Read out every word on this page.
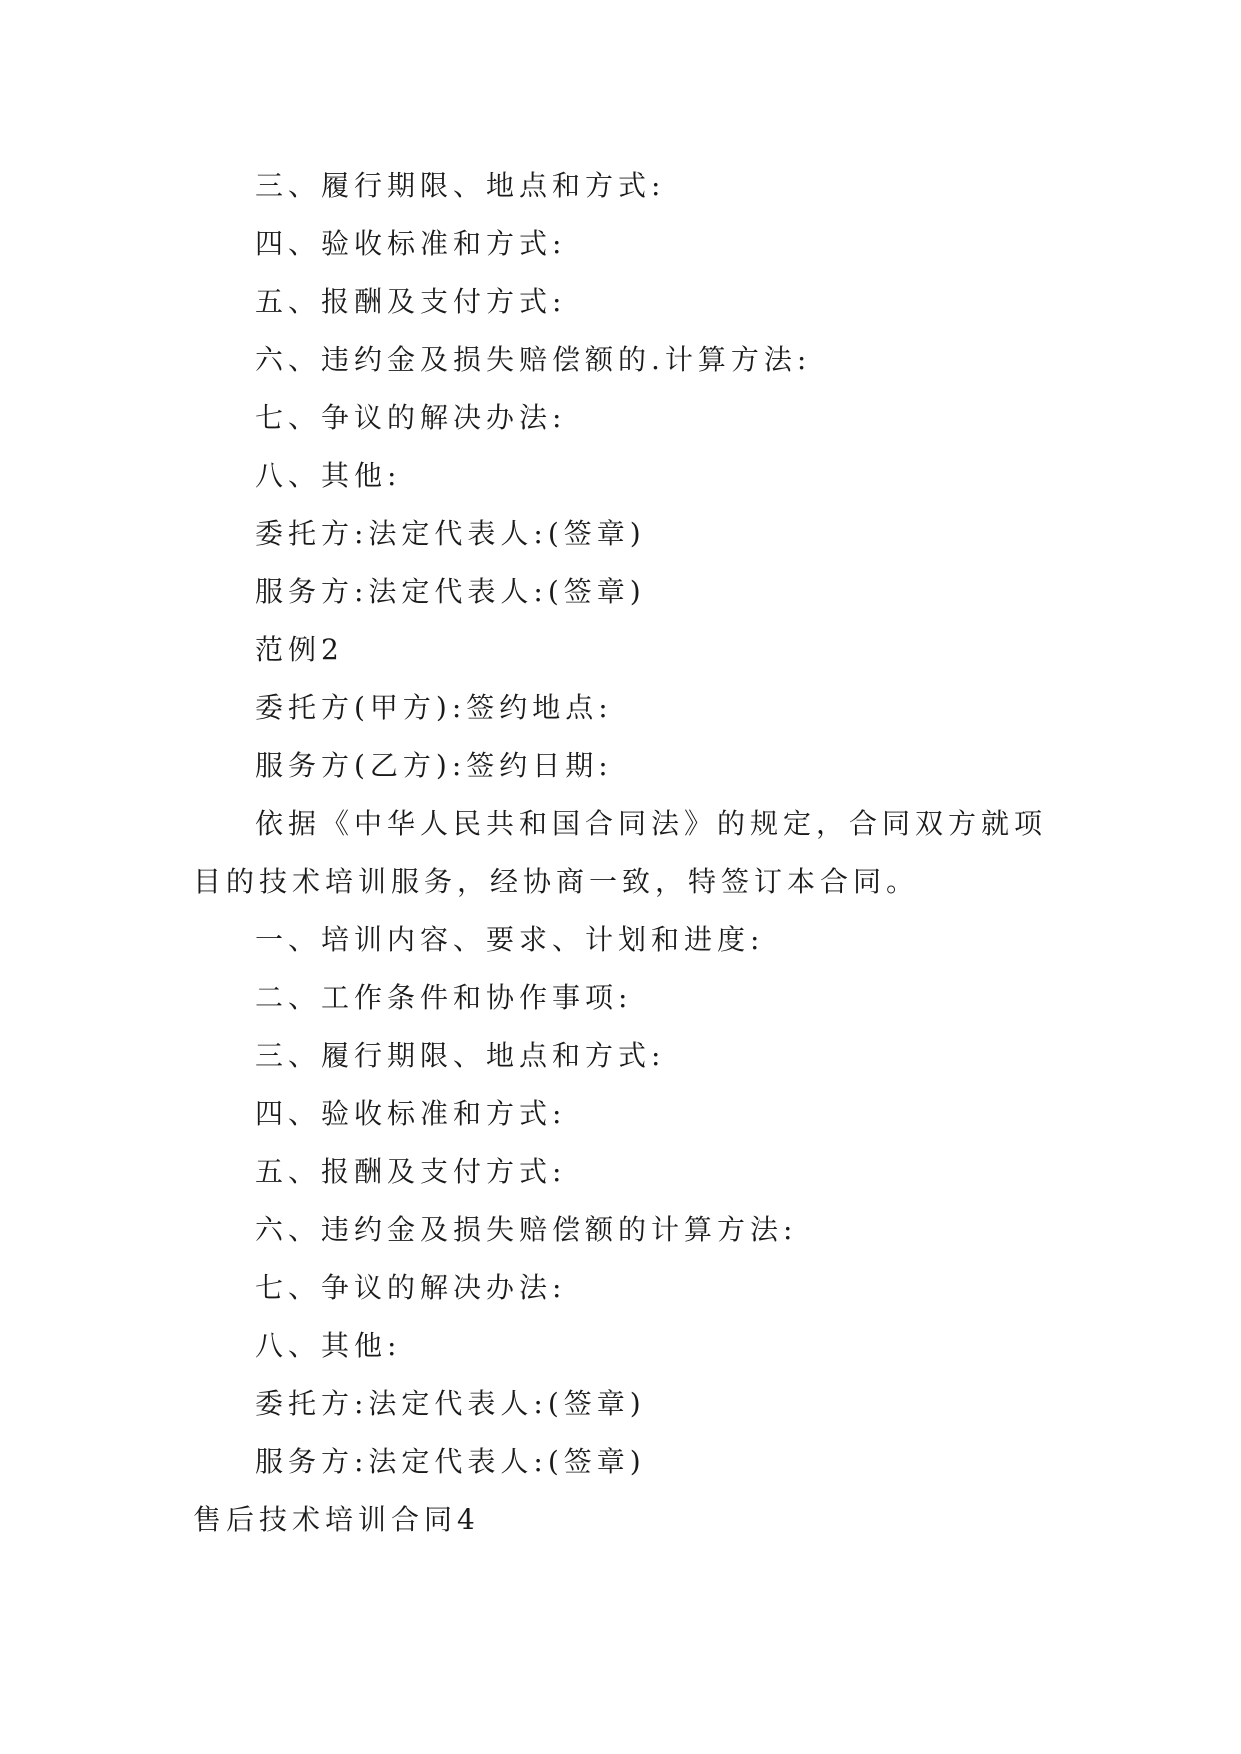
三、履行期限、地点和方式:
四、验收标准和方式:
五、报酬及支付方式:
六、违约金及损失赔偿额的.计算方法:
七、争议的解决办法:
八、其他:
委托方:法定代表人:(签章)
服务方:法定代表人:(签章)
范例2
委托方(甲方):签约地点:
服务方(乙方):签约日期:
依据《中华人民共和国合同法》的规定，合同双方就项
目的技术培训服务，经协商一致，特签订本合同。
一、培训内容、要求、计划和进度:
二、工作条件和协作事项:
三、履行期限、地点和方式:
四、验收标准和方式:
五、报酬及支付方式:
六、违约金及损失赔偿额的计算方法:
七、争议的解决办法:
八、其他:
委托方:法定代表人:(签章)
服务方:法定代表人:(签章)
售后技术培训合同4
